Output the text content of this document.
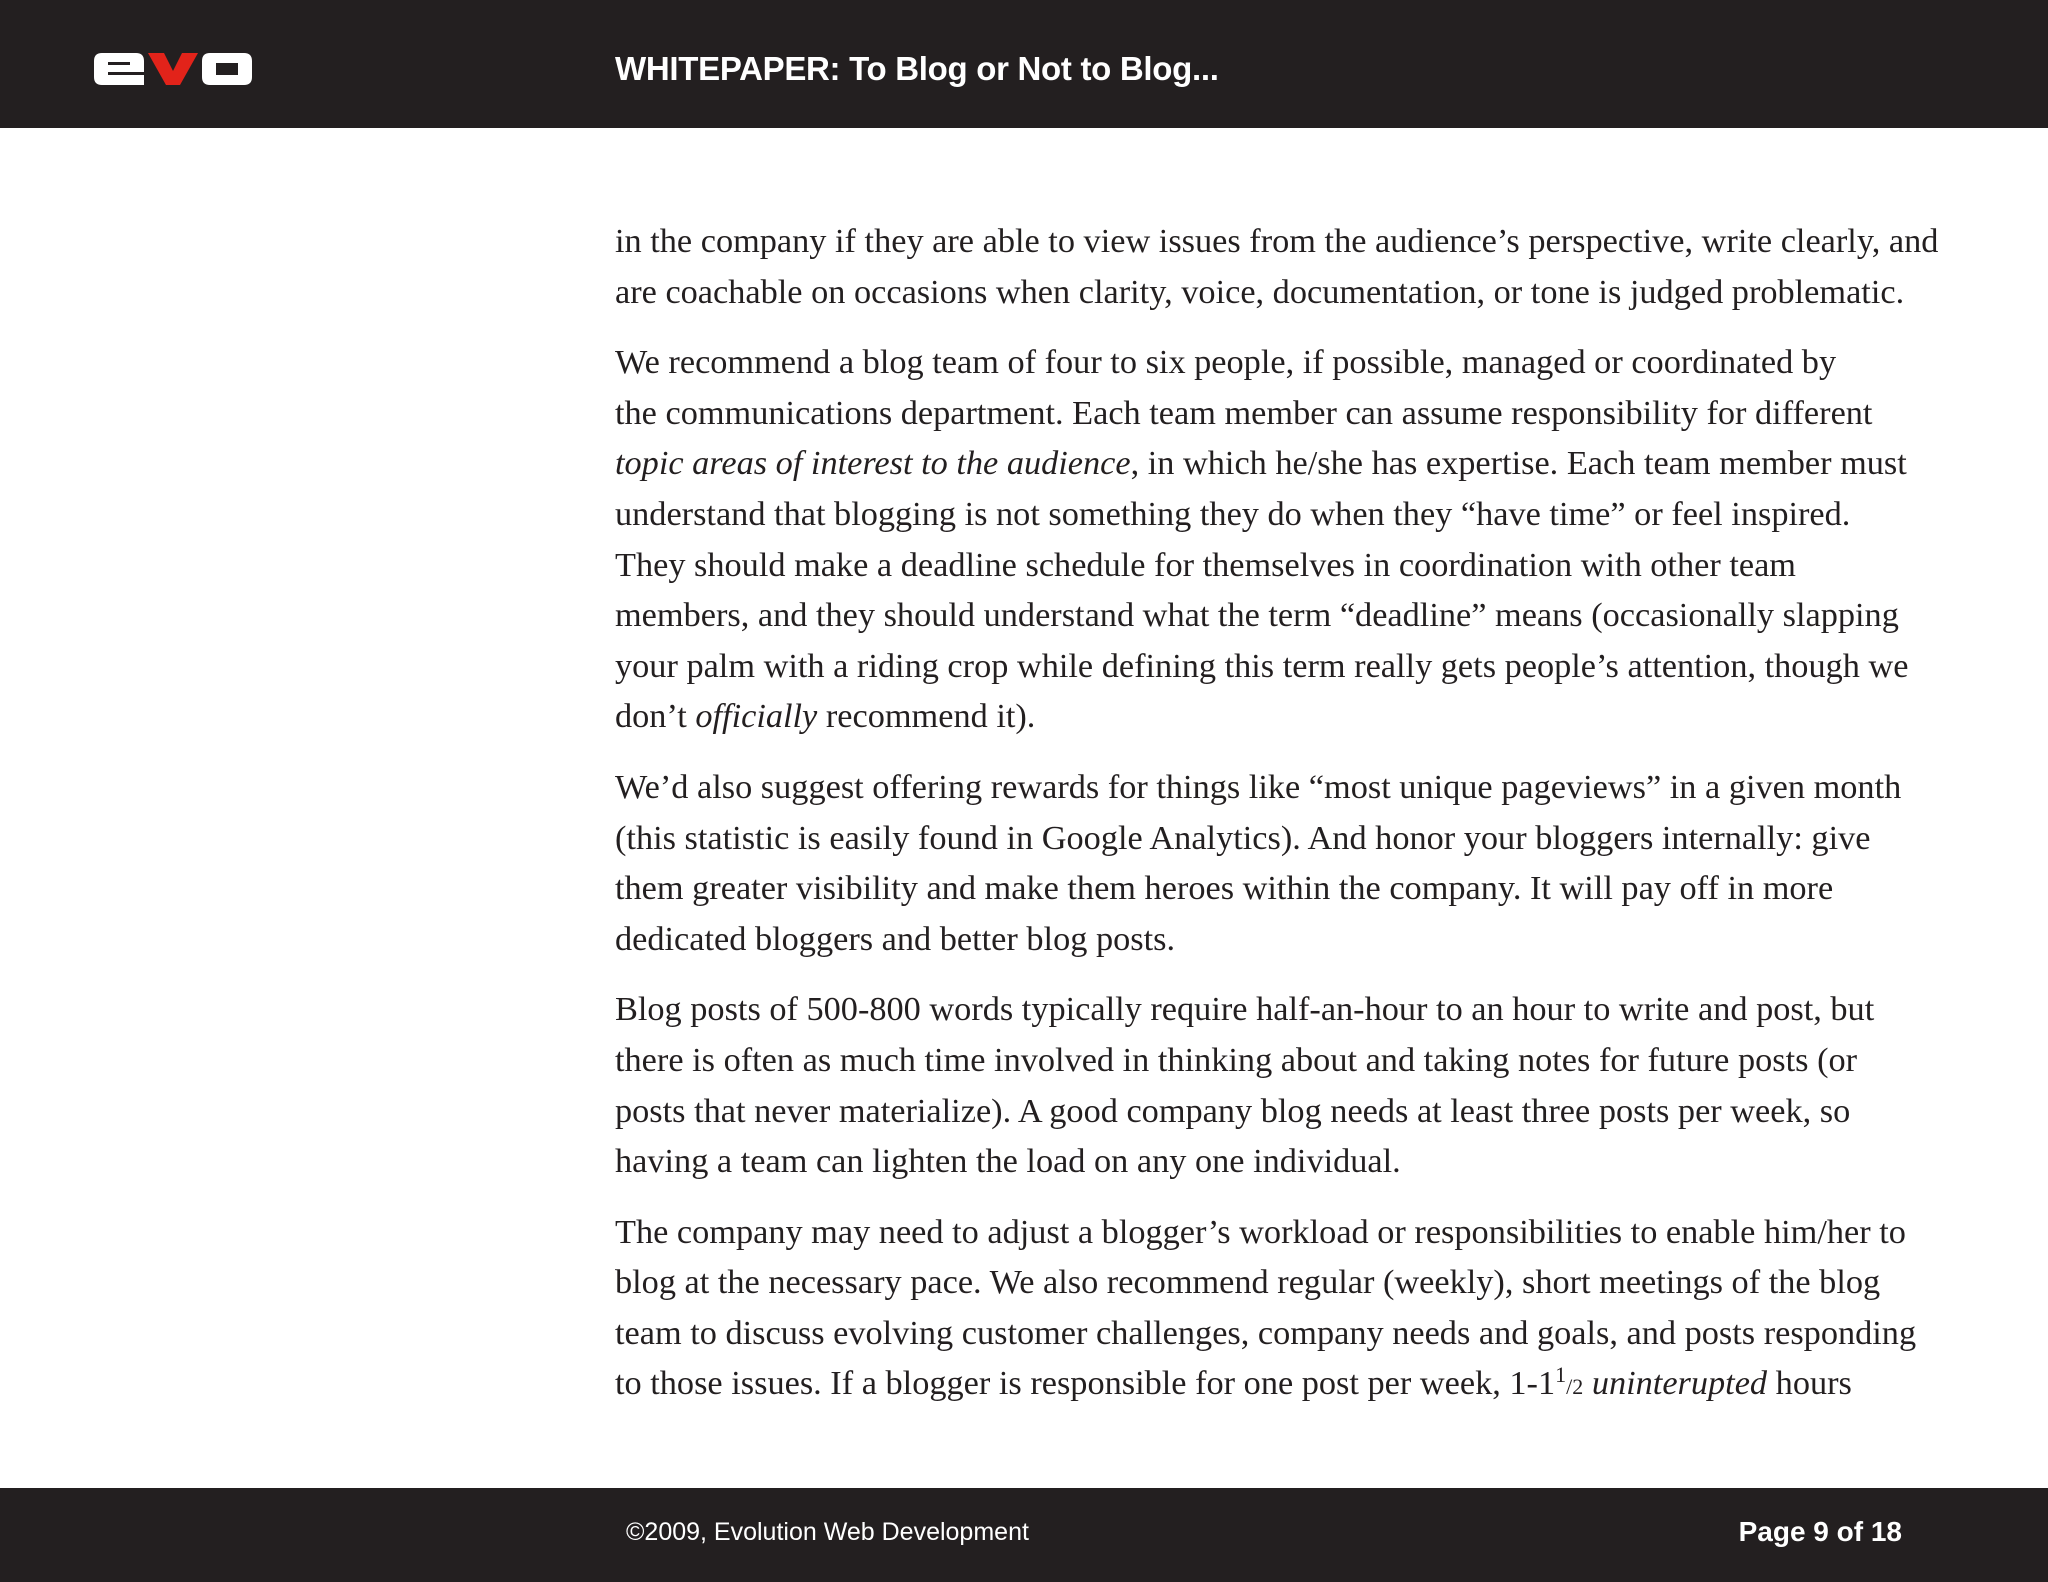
WHITEPAPER: To Blog or Not to Blog...

in the company if they are able to view issues from the audience’s perspective, write clearly, and
are coachable on occasions when clarity, voice, documentation, or tone is judged problematic.

We recommend a blog team of four to six people, if possible, managed or coordinated by
the communications department. Each team member can assume responsibility for different
topic areas of interest to the audience, in which he/she has expertise. Each team member must
understand that blogging is not something they do when they “have time” or feel inspired.
They should make a deadline schedule for themselves in coordination with other team
members, and they should understand what the term “deadline” means (occasionally slapping
your palm with a riding crop while defining this term really gets people’s attention, though we
don’t officially recommend it).

We’d also suggest offering rewards for things like “most unique pageviews” in a given month
(this statistic is easily found in Google Analytics). And honor your bloggers internally: give
them greater visibility and make them heroes within the company. It will pay off in more
dedicated bloggers and better blog posts.

Blog posts of 500-800 words typically require half-an-hour to an hour to write and post, but
there is often as much time involved in thinking about and taking notes for future posts (or
posts that never materialize). A good company blog needs at least three posts per week, so
having a team can lighten the load on any one individual.

The company may need to adjust a blogger’s workload or responsibilities to enable him/her to
blog at the necessary pace. We also recommend regular (weekly), short meetings of the blog
team to discuss evolving customer challenges, company needs and goals, and posts responding
to those issues. If a blogger is responsible for one post per week, $1-1^1/2$ uninterupted hours

©2009, Evolution Web Development	Page 9 of 18
